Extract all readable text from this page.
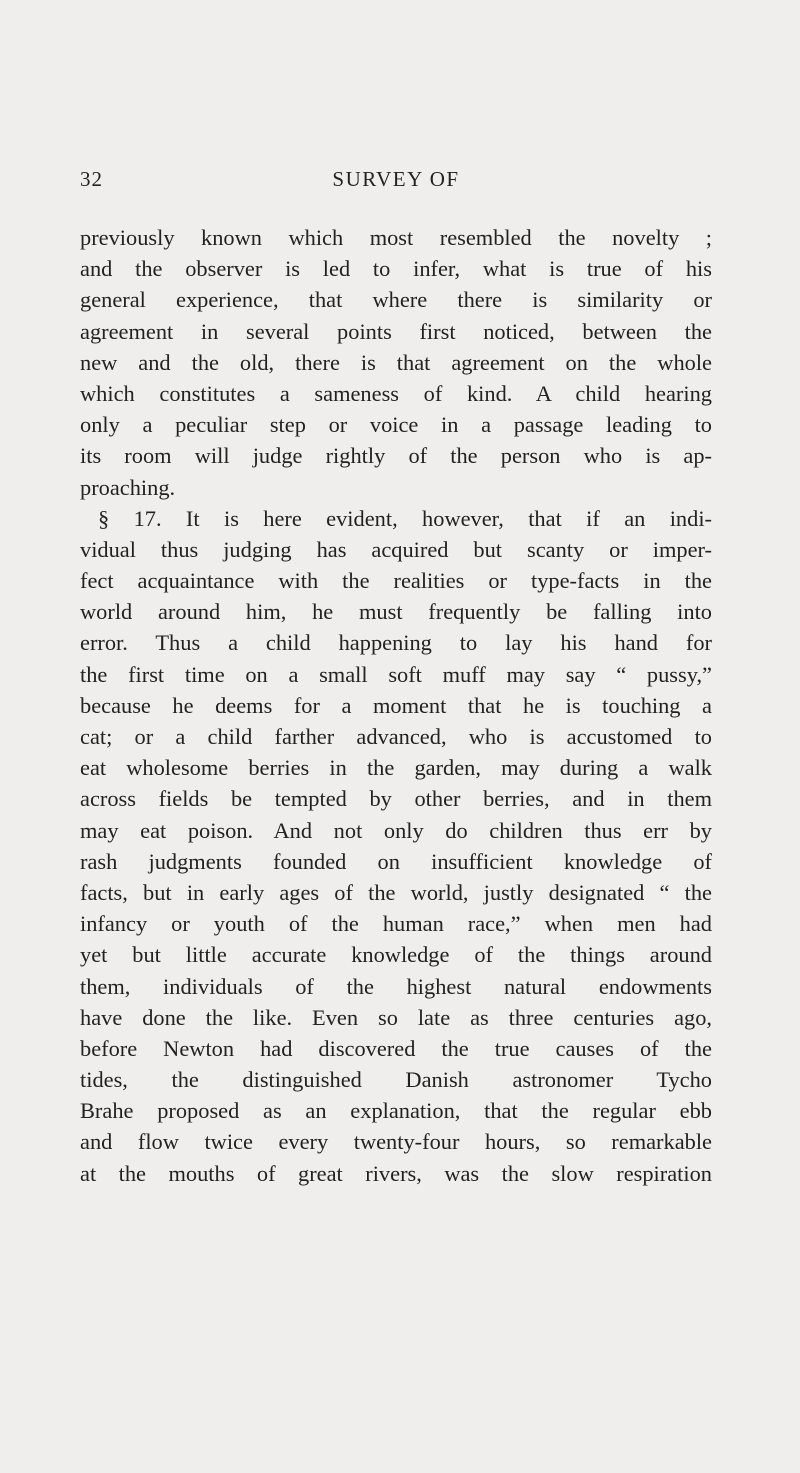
32	SURVEY OF
previously known which most resembled the novelty ;
and the observer is led to infer, what is true of his
general experience, that where there is similarity or
agreement in several points first noticed, between the
new and the old, there is that agreement on the whole
which constitutes a sameness of kind. A child hearing
only a peculiar step or voice in a passage leading to
its room will judge rightly of the person who is ap-
proaching.
§ 17. It is here evident, however, that if an indi-
vidual thus judging has acquired but scanty or imper-
fect acquaintance with the realities or type-facts in the
world around him, he must frequently be falling into
error. Thus a child happening to lay his hand for
the first time on a small soft muff may say “ pussy,”
because he deems for a moment that he is touching a
cat; or a child farther advanced, who is accustomed to
eat wholesome berries in the garden, may during a walk
across fields be tempted by other berries, and in them
may eat poison. And not only do children thus err by
rash judgments founded on insufficient knowledge of
facts, but in early ages of the world, justly designated “ the
infancy or youth of the human race,” when men had
yet but little accurate knowledge of the things around
them, individuals of the highest natural endowments
have done the like. Even so late as three centuries ago,
before Newton had discovered the true causes of the
tides, the distinguished Danish astronomer Tycho
Brahe proposed as an explanation, that the regular ebb
and flow twice every twenty-four hours, so remarkable
at the mouths of great rivers, was the slow respiration
